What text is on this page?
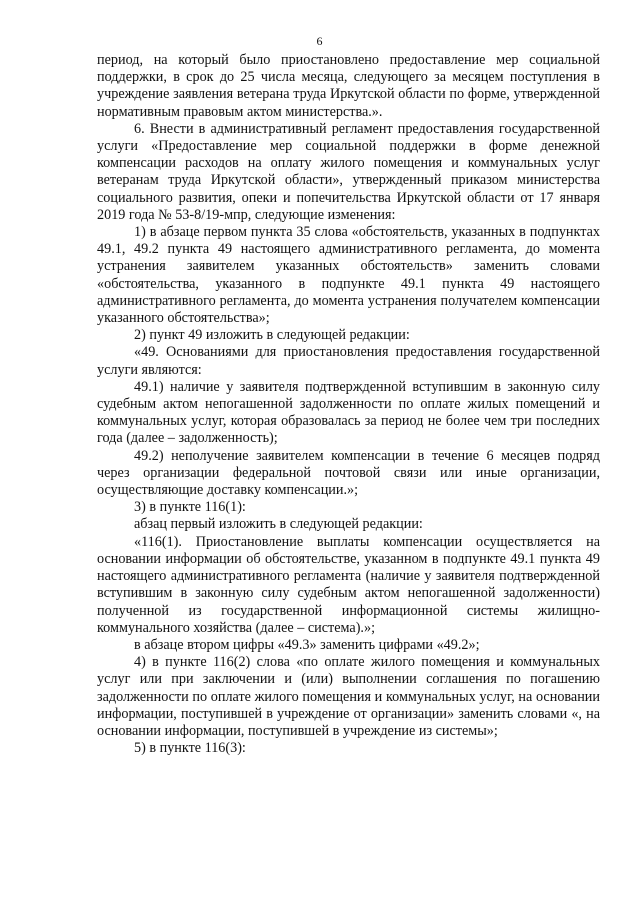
6

период, на который было приостановлено предоставление мер социальной поддержки, в срок до 25 числа месяца, следующего за месяцем поступления в учреждение заявления ветерана труда Иркутской области по форме, утвержденной нормативным правовым актом министерства.».

6. Внести в административный регламент предоставления государственной услуги «Предоставление мер социальной поддержки в форме денежной компенсации расходов на оплату жилого помещения и коммунальных услуг ветеранам труда Иркутской области», утвержденный приказом министерства социального развития, опеки и попечительства Иркутской области от 17 января 2019 года № 53-8/19-мпр, следующие изменения:

1) в абзаце первом пункта 35 слова «обстоятельств, указанных в подпунктах 49.1, 49.2 пункта 49 настоящего административного регламента, до момента устранения заявителем указанных обстоятельств» заменить словами «обстоятельства, указанного в подпункте 49.1 пункта 49 настоящего административного регламента, до момента устранения получателем компенсации указанного обстоятельства»;

2) пункт 49 изложить в следующей редакции:

«49. Основаниями для приостановления предоставления государственной услуги являются:

49.1) наличие у заявителя подтвержденной вступившим в законную силу судебным актом непогашенной задолженности по оплате жилых помещений и коммунальных услуг, которая образовалась за период не более чем три последних года (далее – задолженность);

49.2) неполучение заявителем компенсации в течение 6 месяцев подряд через организации федеральной почтовой связи или иные организации, осуществляющие доставку компенсации.»;

3) в пункте 116(1):

абзац первый изложить в следующей редакции:

«116(1). Приостановление выплаты компенсации осуществляется на основании информации об обстоятельстве, указанном в подпункте 49.1 пункта 49 настоящего административного регламента (наличие у заявителя подтвержденной вступившим в законную силу судебным актом непогашенной задолженности) полученной из государственной информационной системы жилищно-коммунального хозяйства (далее – система).»;

в абзаце втором цифры «49.3» заменить цифрами «49.2»;

4) в пункте 116(2) слова «по оплате жилого помещения и коммунальных услуг или при заключении и (или) выполнении соглашения по погашению задолженности по оплате жилого помещения и коммунальных услуг, на основании информации, поступившей в учреждение от организации» заменить словами «, на основании информации, поступившей в учреждение из системы»;

5) в пункте 116(3):
